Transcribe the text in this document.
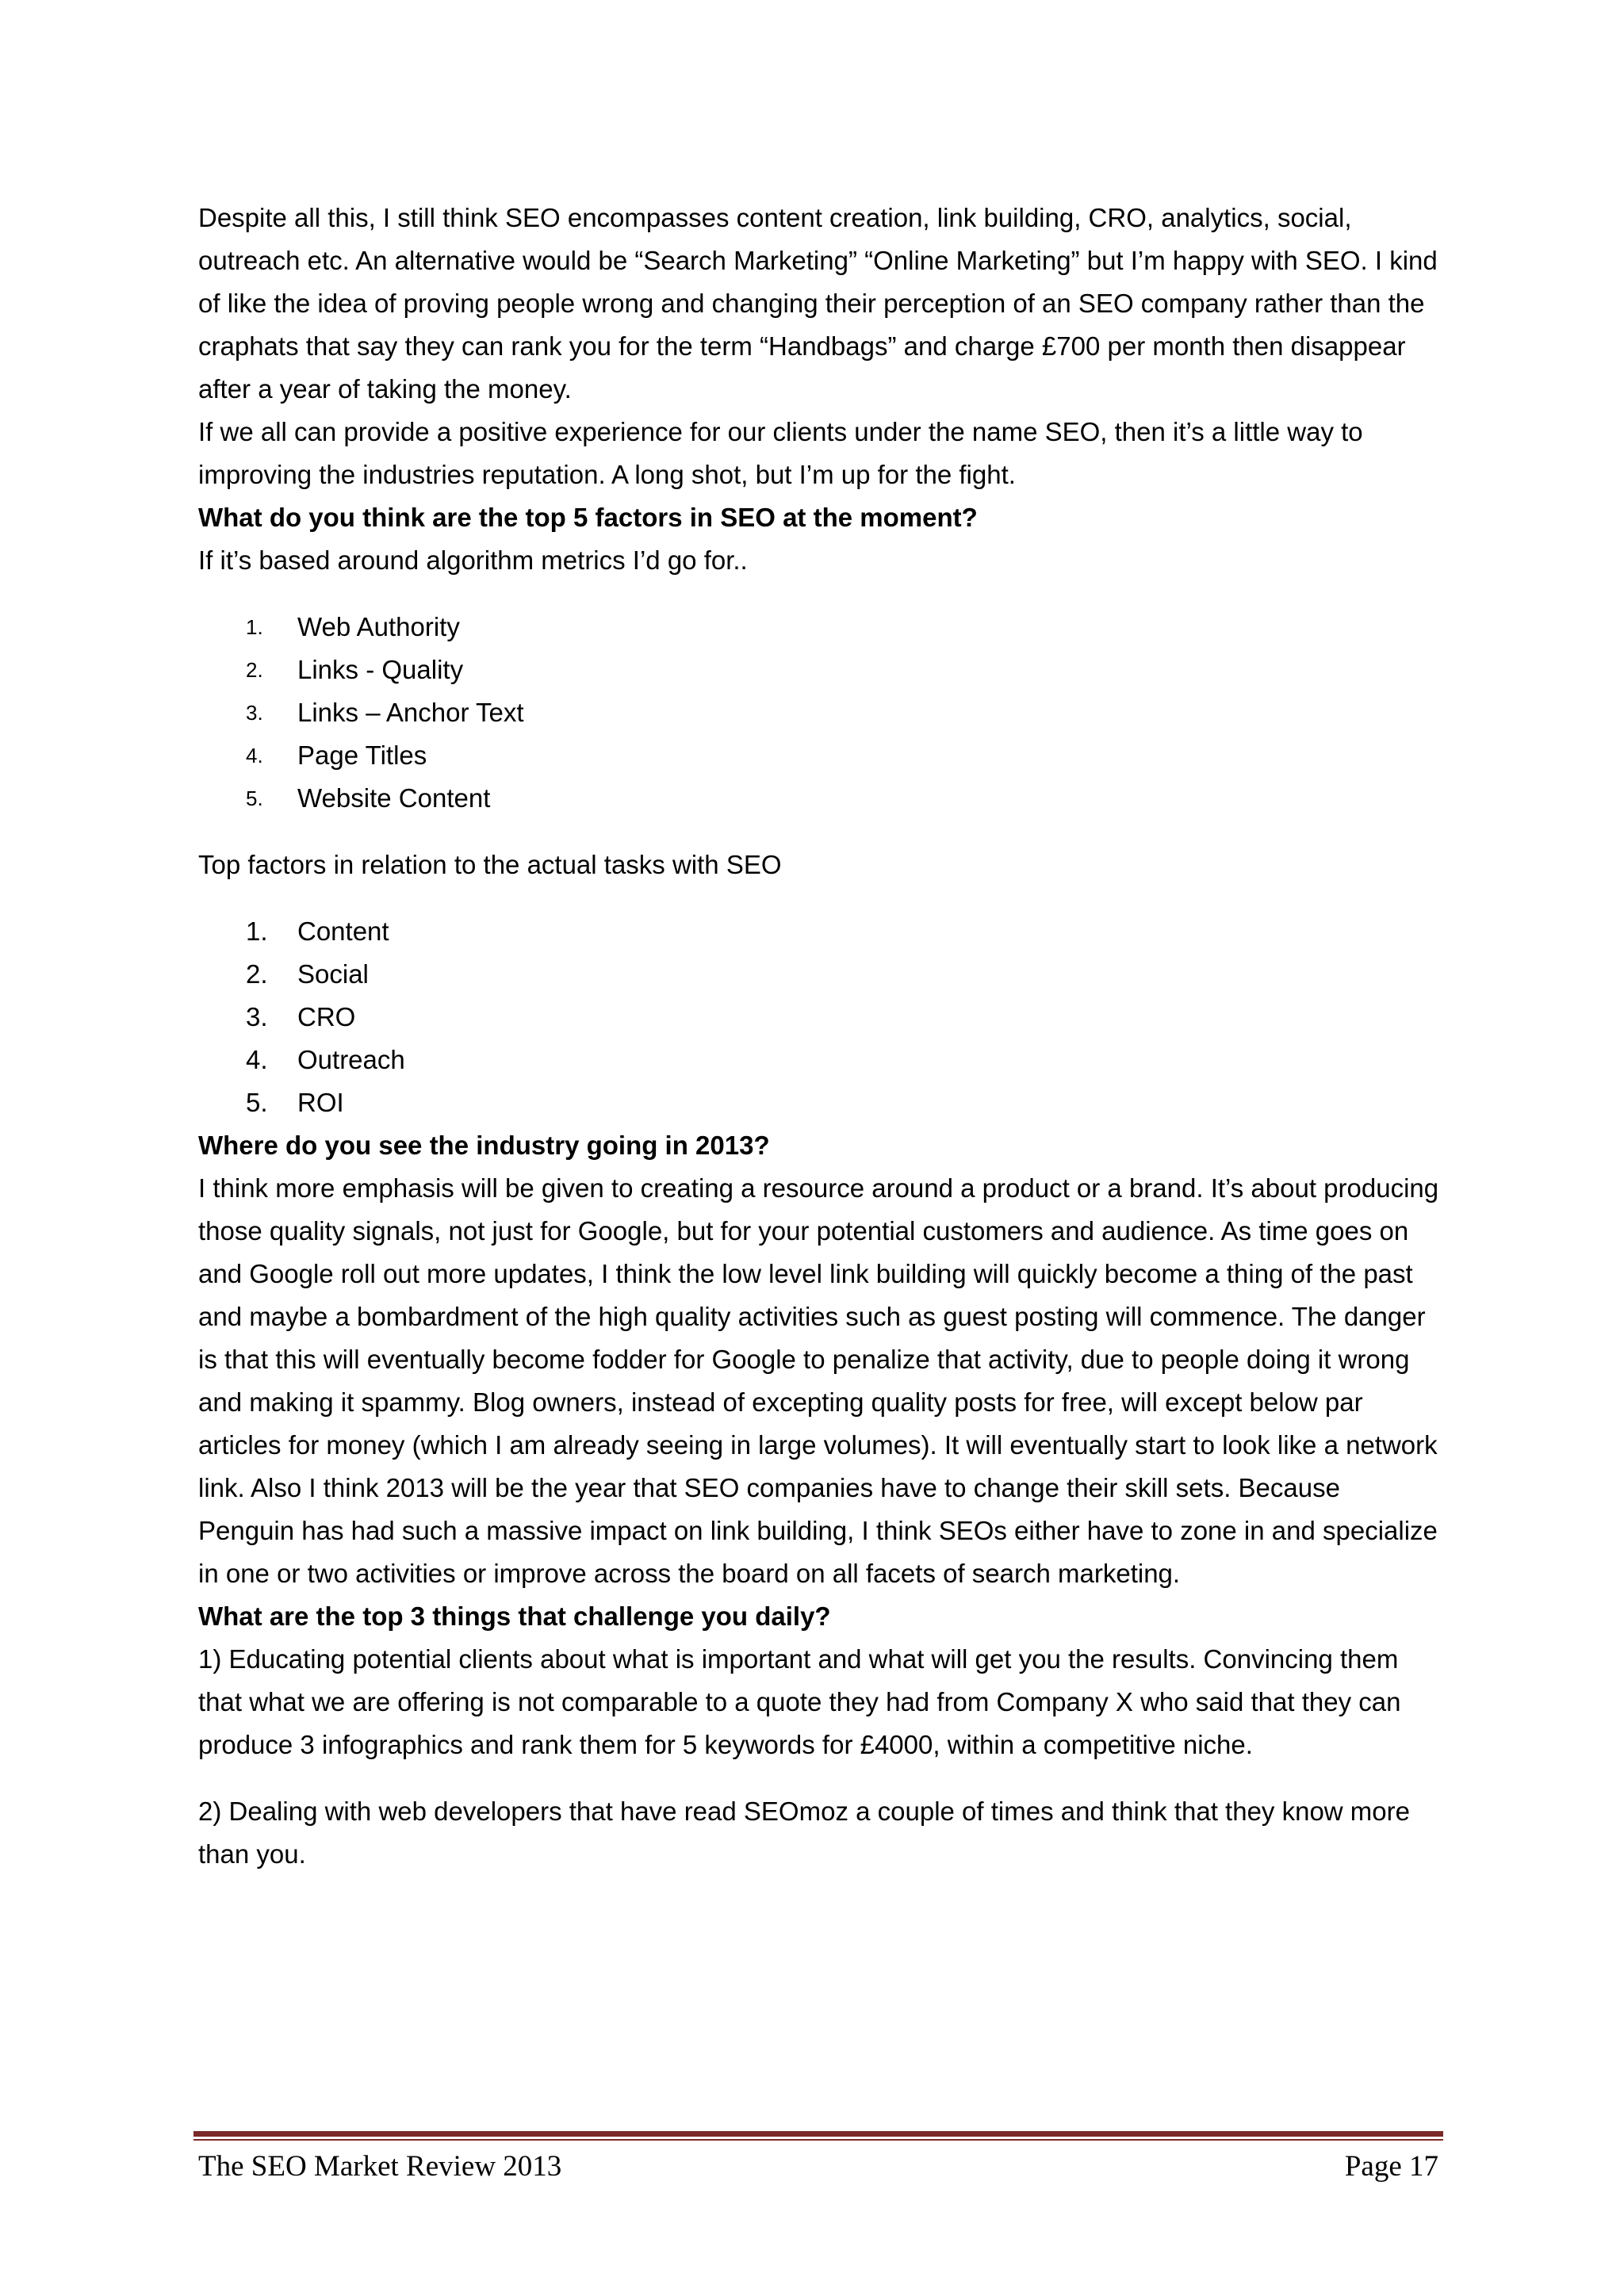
Despite all this, I still think SEO encompasses content creation, link building, CRO, analytics, social, outreach etc. An alternative would be “Search Marketing” “Online Marketing” but I’m happy with SEO. I kind of like the idea of proving people wrong and changing their perception of an SEO company rather than the craphats that say they can rank you for the term “Handbags” and charge £700 per month then disappear after a year of taking the money.

If we all can provide a positive experience for our clients under the name SEO, then it’s a little way to improving the industries reputation. A long shot, but I’m up for the fight.

What do you think are the top 5 factors in SEO at the moment?

If it’s based around algorithm metrics I’d go for..

1.	Web Authority
2.	Links - Quality
3.	Links – Anchor Text
4.	Page Titles
5.	Website Content

Top factors in relation to the actual tasks with SEO

1.	Content
2.	Social
3.	CRO
4.	Outreach
5.	ROI

Where do you see the industry going in 2013?

I think more emphasis will be given to creating a resource around a product or a brand. It’s about producing those quality signals, not just for Google, but for your potential customers and audience. As time goes on and Google roll out more updates, I think the low level link building will quickly become a thing of the past and maybe a bombardment of the high quality activities such as guest posting will commence. The danger is that this will eventually become fodder for Google to penalize that activity, due to people doing it wrong and making it spammy. Blog owners, instead of excepting quality posts for free, will except below par articles for money (which I am already seeing in large volumes). It will eventually start to look like a network link. Also I think 2013 will be the year that SEO companies have to change their skill sets. Because Penguin has had such a massive impact on link building, I think SEOs either have to zone in and specialize in one or two activities or improve across the board on all facets of search marketing.

What are the top 3 things that challenge you daily?

1) Educating potential clients about what is important and what will get you the results. Convincing them that what we are offering is not comparable to a quote they had from Company X who said that they can produce 3 infographics and rank them for 5 keywords for £4000, within a competitive niche.

2) Dealing with web developers that have read SEOmoz a couple of times and think that they know more than you.

The SEO Market Review 2013	Page 17
